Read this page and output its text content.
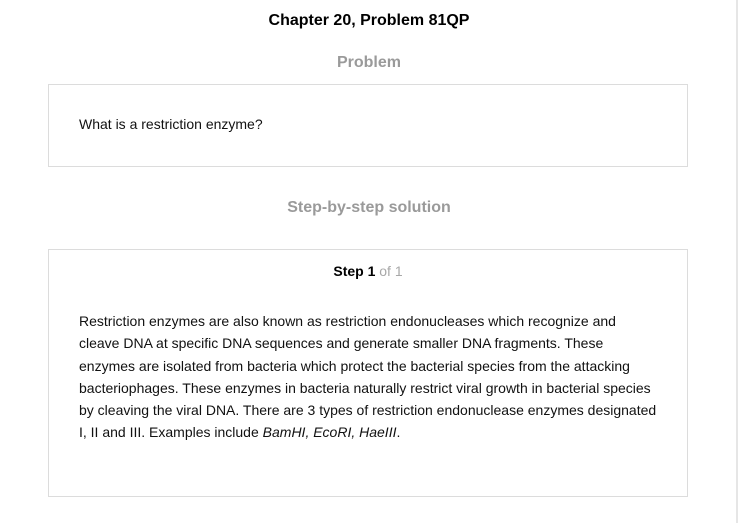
Chapter 20, Problem 81QP
Problem
What is a restriction enzyme?
Step-by-step solution
Step 1 of 1
Restriction enzymes are also known as restriction endonucleases which recognize and cleave DNA at specific DNA sequences and generate smaller DNA fragments. These enzymes are isolated from bacteria which protect the bacterial species from the attacking bacteriophages. These enzymes in bacteria naturally restrict viral growth in bacterial species by cleaving the viral DNA. There are 3 types of restriction endonuclease enzymes designated I, II and III. Examples include BamHI, EcoRI, HaeIII.
